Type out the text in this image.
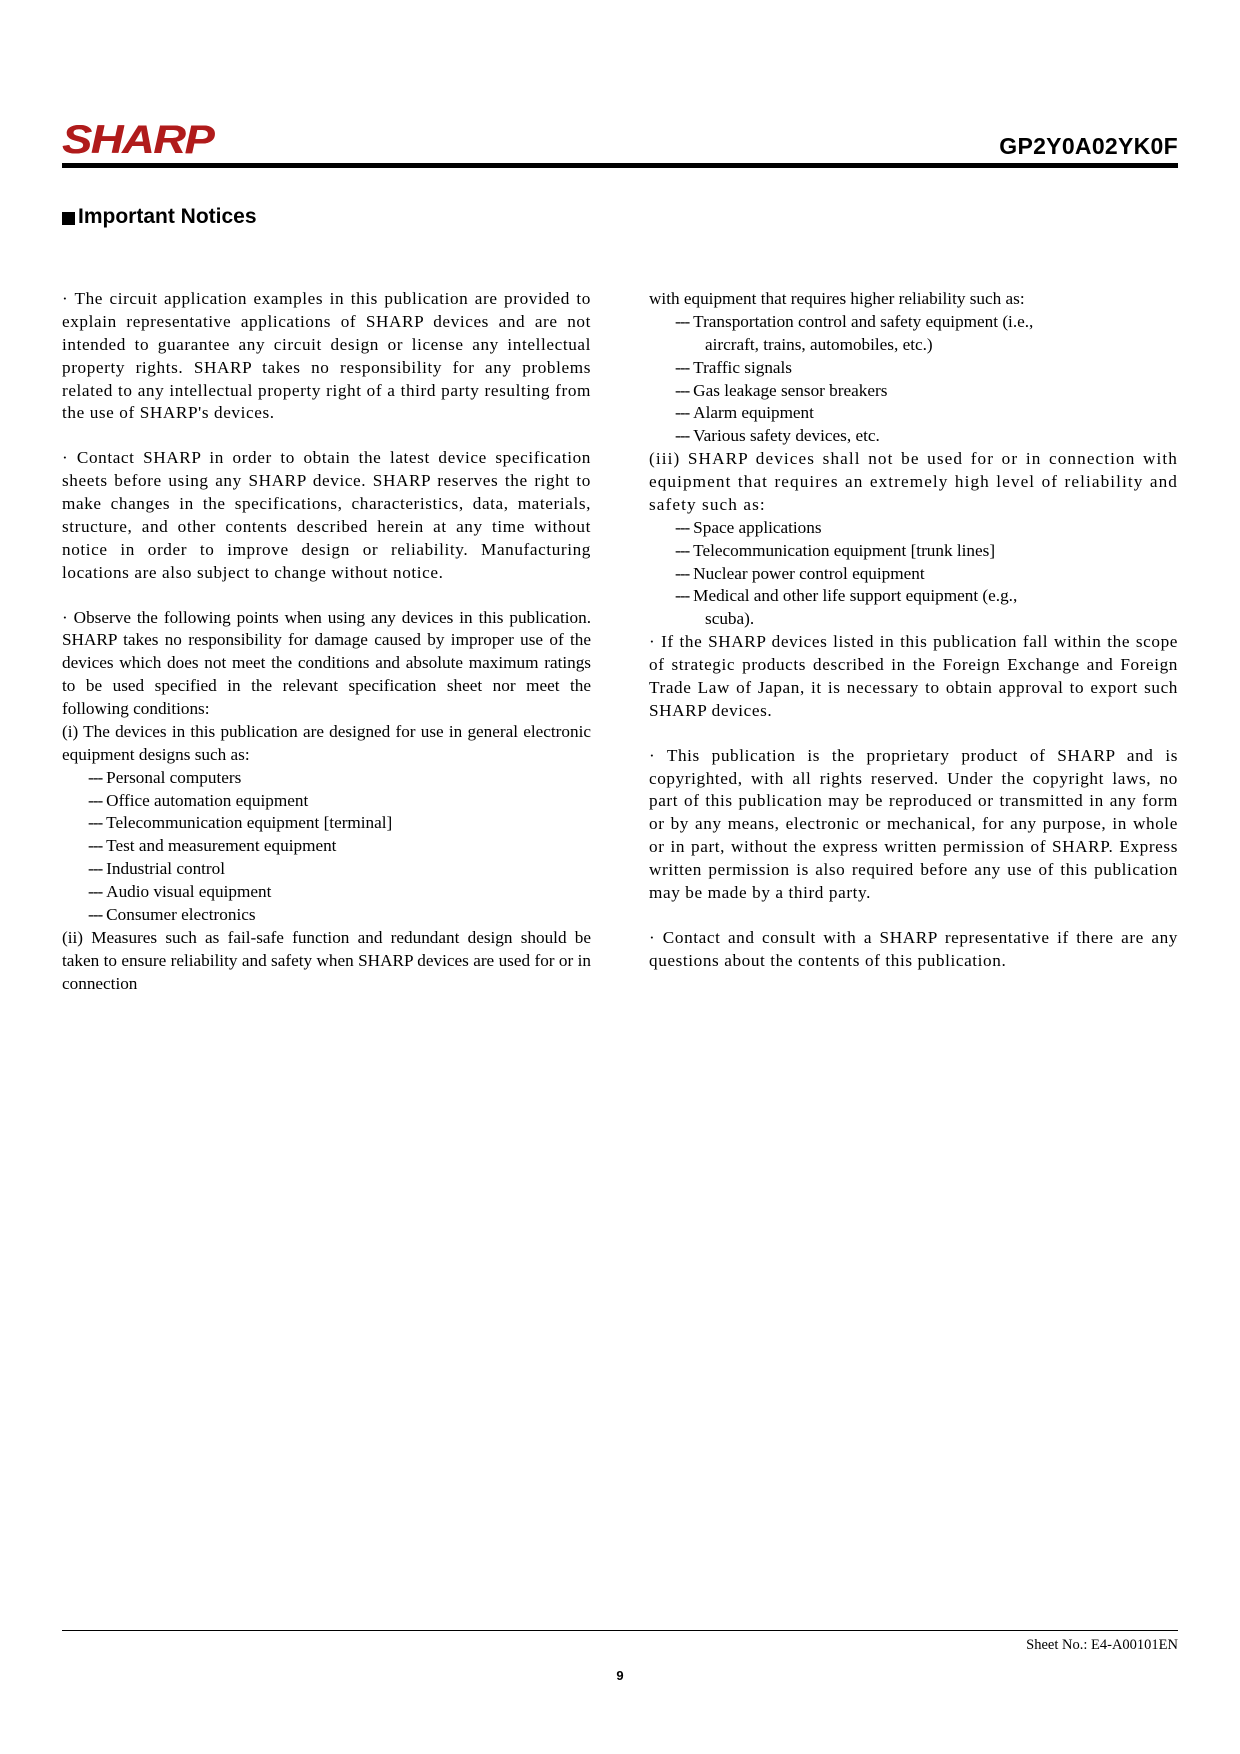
SHARP	GP2Y0A02YK0F
Important Notices

· The circuit application examples in this publication are provided to explain representative applications of SHARP devices and are not intended to guarantee any circuit design or license any intellectual property rights. SHARP takes no responsibility for any problems related to any intellectual property right of a third party resulting from the use of SHARP's devices.

· Contact SHARP in order to obtain the latest device specification sheets before using any SHARP device. SHARP reserves the right to make changes in the specifications, characteristics, data, materials, structure, and other contents described herein at any time without notice in order to improve design or reliability. Manufacturing locations are also subject to change without notice.

· Observe the following points when using any devices in this publication. SHARP takes no responsibility for damage caused by improper use of the devices which does not meet the conditions and absolute maximum ratings to be used specified in the relevant specification sheet nor meet the following conditions:

(i) The devices in this publication are designed for use in general electronic equipment designs such as:

--- Personal computers
--- Office automation equipment
--- Telecommunication equipment [terminal]
--- Test and measurement equipment
--- Industrial control
--- Audio visual equipment
--- Consumer electronics

(ii) Measures such as fail-safe function and redundant design should be taken to ensure reliability and safety when SHARP devices are used for or in connection

with equipment that requires higher reliability such as:

--- Transportation control and safety equipment (i.e.,
aircraft, trains, automobiles, etc.)
--- Traffic signals
--- Gas leakage sensor breakers
--- Alarm equipment
--- Various safety devices, etc.

(iii) SHARP devices shall not be used for or in connection with equipment that requires an extremely high level of reliability and safety such as:

--- Space applications
--- Telecommunication equipment [trunk lines]
--- Nuclear power control equipment
--- Medical and other life support equipment (e.g.,
scuba).

· If the SHARP devices listed in this publication fall within the scope of strategic products described in the Foreign Exchange and Foreign Trade Law of Japan, it is necessary to obtain approval to export such SHARP devices.

· This publication is the proprietary product of SHARP and is copyrighted, with all rights reserved. Under the copyright laws, no part of this publication may be reproduced or transmitted in any form or by any means, electronic or mechanical, for any purpose, in whole or in part, without the express written permission of SHARP. Express written permission is also required before any use of this publication may be made by a third party.

· Contact and consult with a SHARP representative if there are any questions about the contents of this publication.

Sheet No.: E4-A00101EN
9
